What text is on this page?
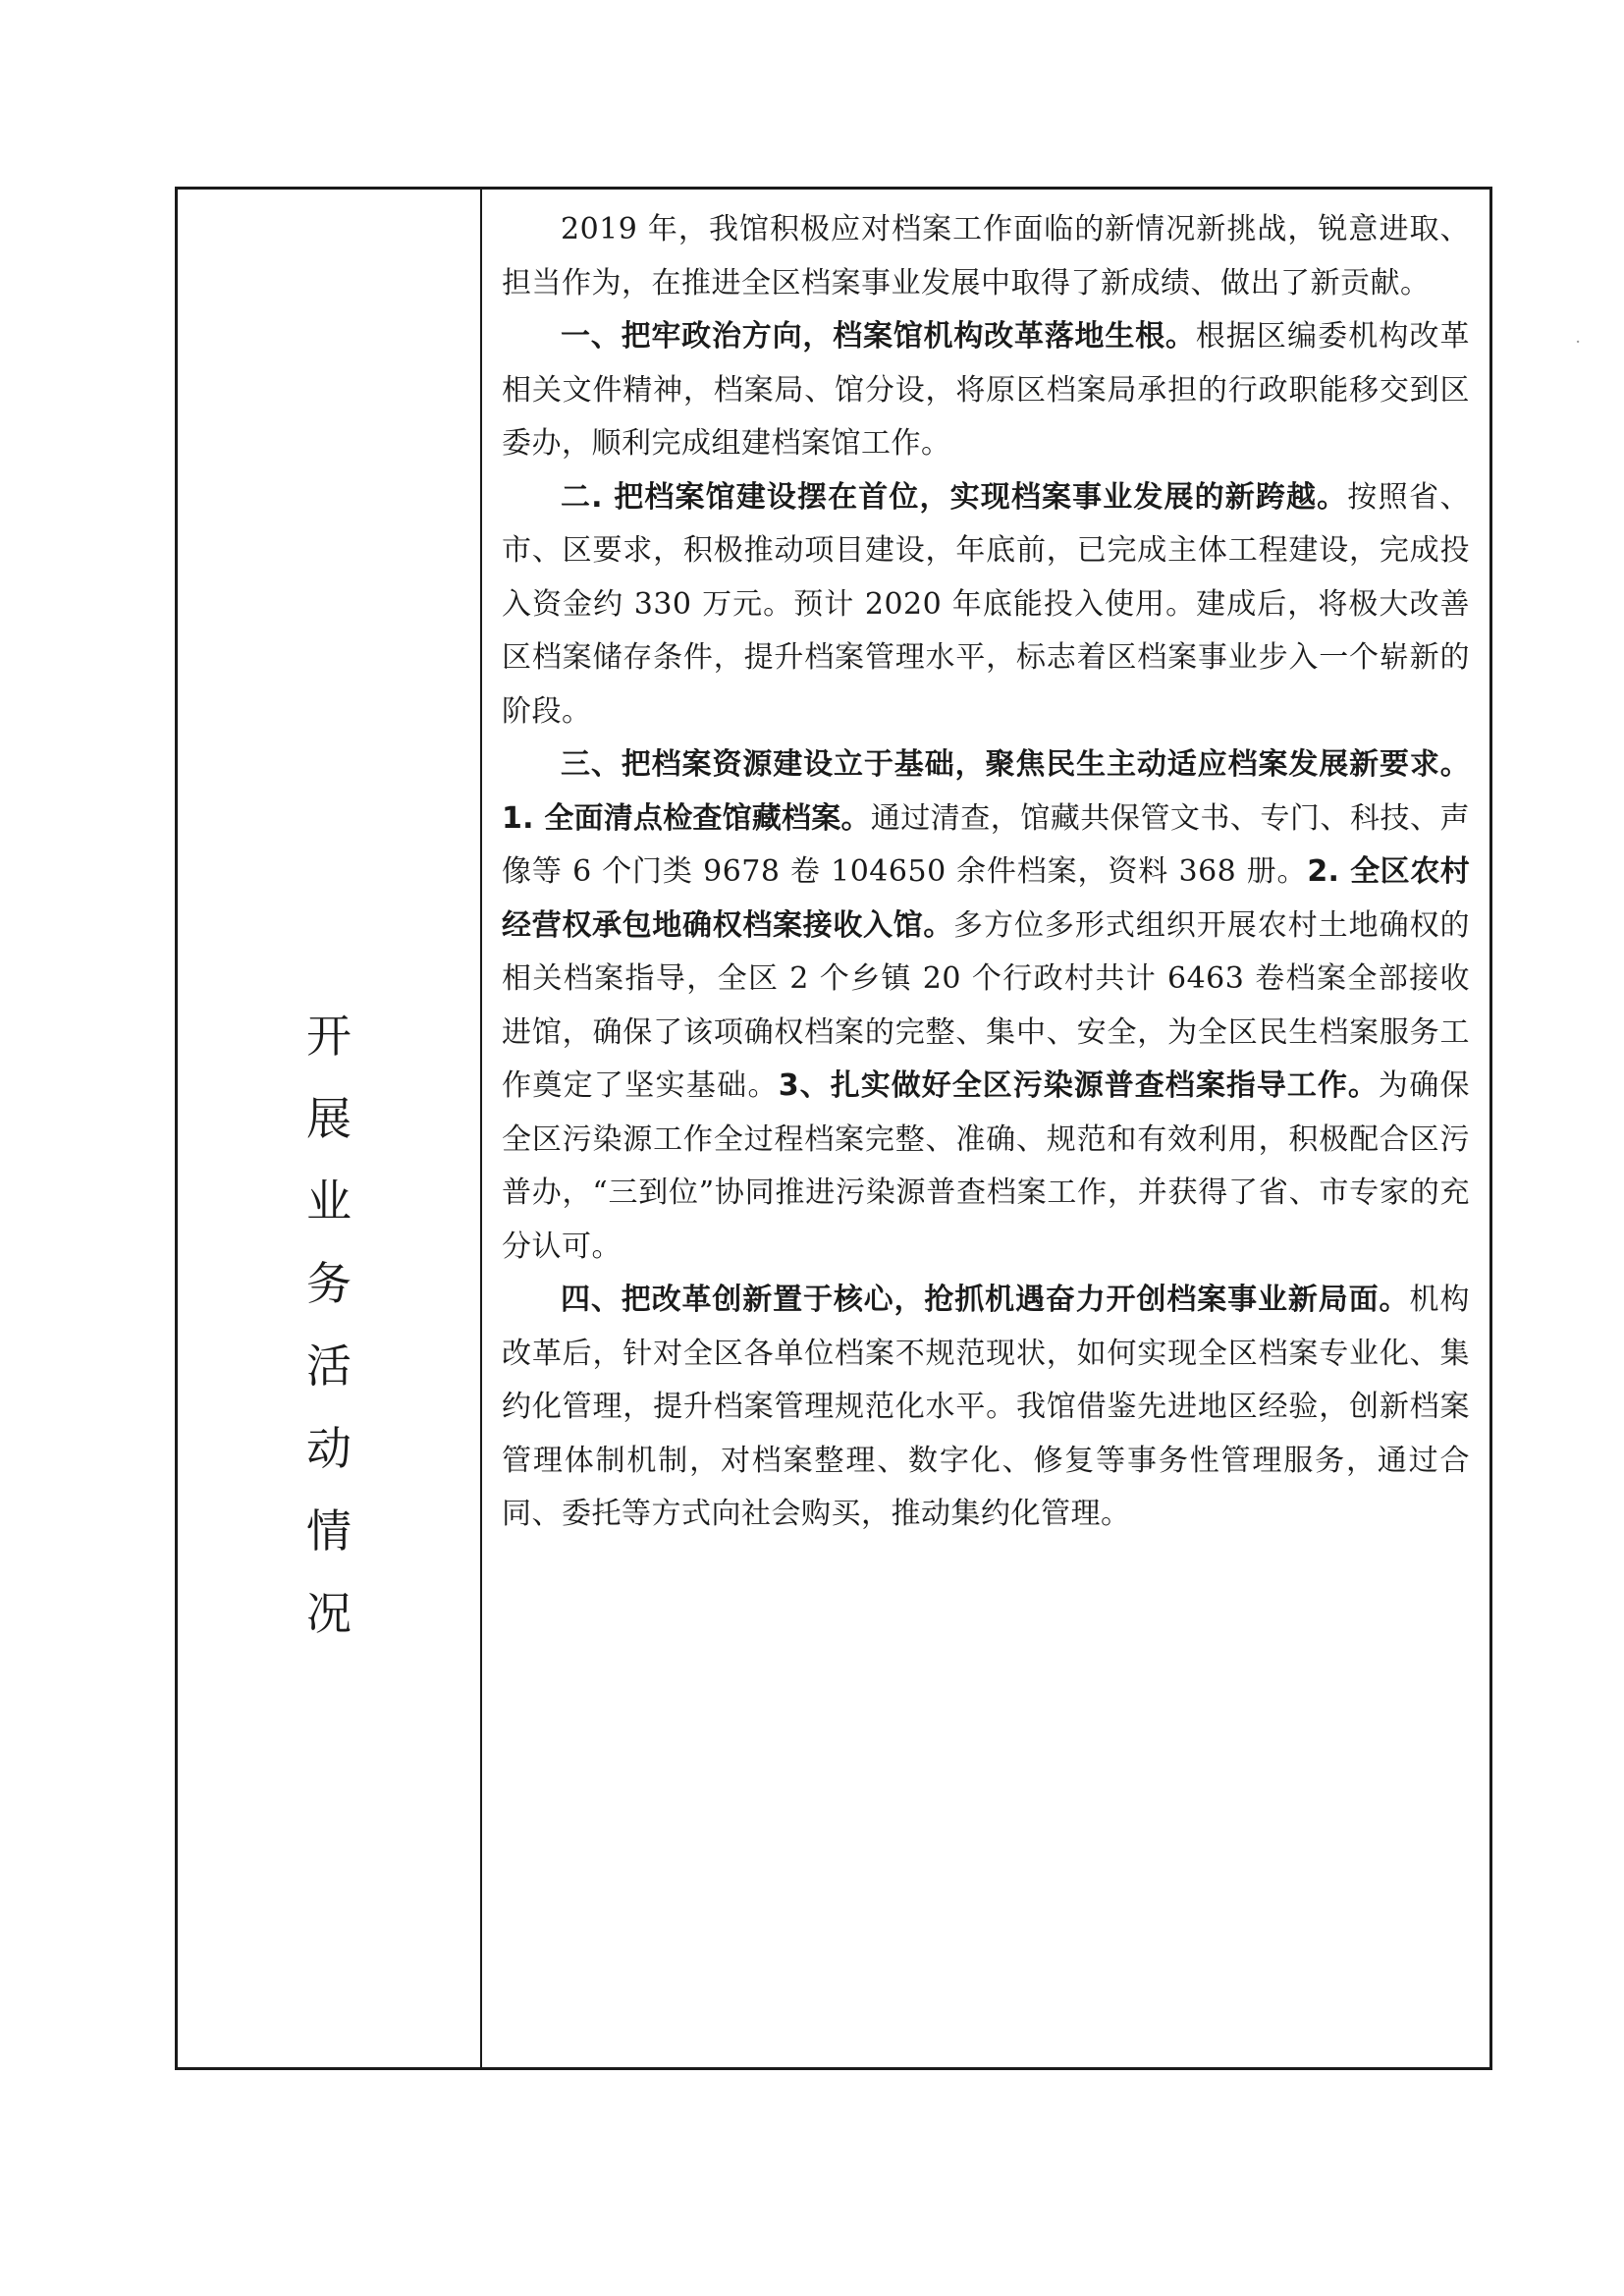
开
展
业
务
活
动
情
况

2019 年，我馆积极应对档案工作面临的新情况新挑战，锐意进取、担当作为，在推进全区档案事业发展中取得了新成绩、做出了新贡献。

一、把牢政治方向，档案馆机构改革落地生根。根据区编委机构改革相关文件精神，档案局、馆分设，将原区档案局承担的行政职能移交到区委办，顺利完成组建档案馆工作。

二. 把档案馆建设摆在首位，实现档案事业发展的新跨越。按照省、市、区要求，积极推动项目建设，年底前，已完成主体工程建设，完成投入资金约 330 万元。预计 2020 年底能投入使用。建成后，将极大改善区档案储存条件，提升档案管理水平，标志着区档案事业步入一个崭新的阶段。

三、把档案资源建设立于基础，聚焦民生主动适应档案发展新要求。1. 全面清点检查馆藏档案。通过清查，馆藏共保管文书、专门、科技、声像等 6 个门类 9678 卷 104650 余件档案，资料 368 册。2. 全区农村经营权承包地确权档案接收入馆。多方位多形式组织开展农村土地确权的相关档案指导，全区 2 个乡镇 20 个行政村共计 6463 卷档案全部接收进馆，确保了该项确权档案的完整、集中、安全，为全区民生档案服务工作奠定了坚实基础。3、扎实做好全区污染源普查档案指导工作。为确保全区污染源工作全过程档案完整、准确、规范和有效利用，积极配合区污普办，“三到位”协同推进污染源普查档案工作，并获得了省、市专家的充分认可。

四、把改革创新置于核心，抢抓机遇奋力开创档案事业新局面。机构改革后，针对全区各单位档案不规范现状，如何实现全区档案专业化、集约化管理，提升档案管理规范化水平。我馆借鉴先进地区经验，创新档案管理体制机制，对档案整理、数字化、修复等事务性管理服务，通过合同、委托等方式向社会购买，推动集约化管理。

·
